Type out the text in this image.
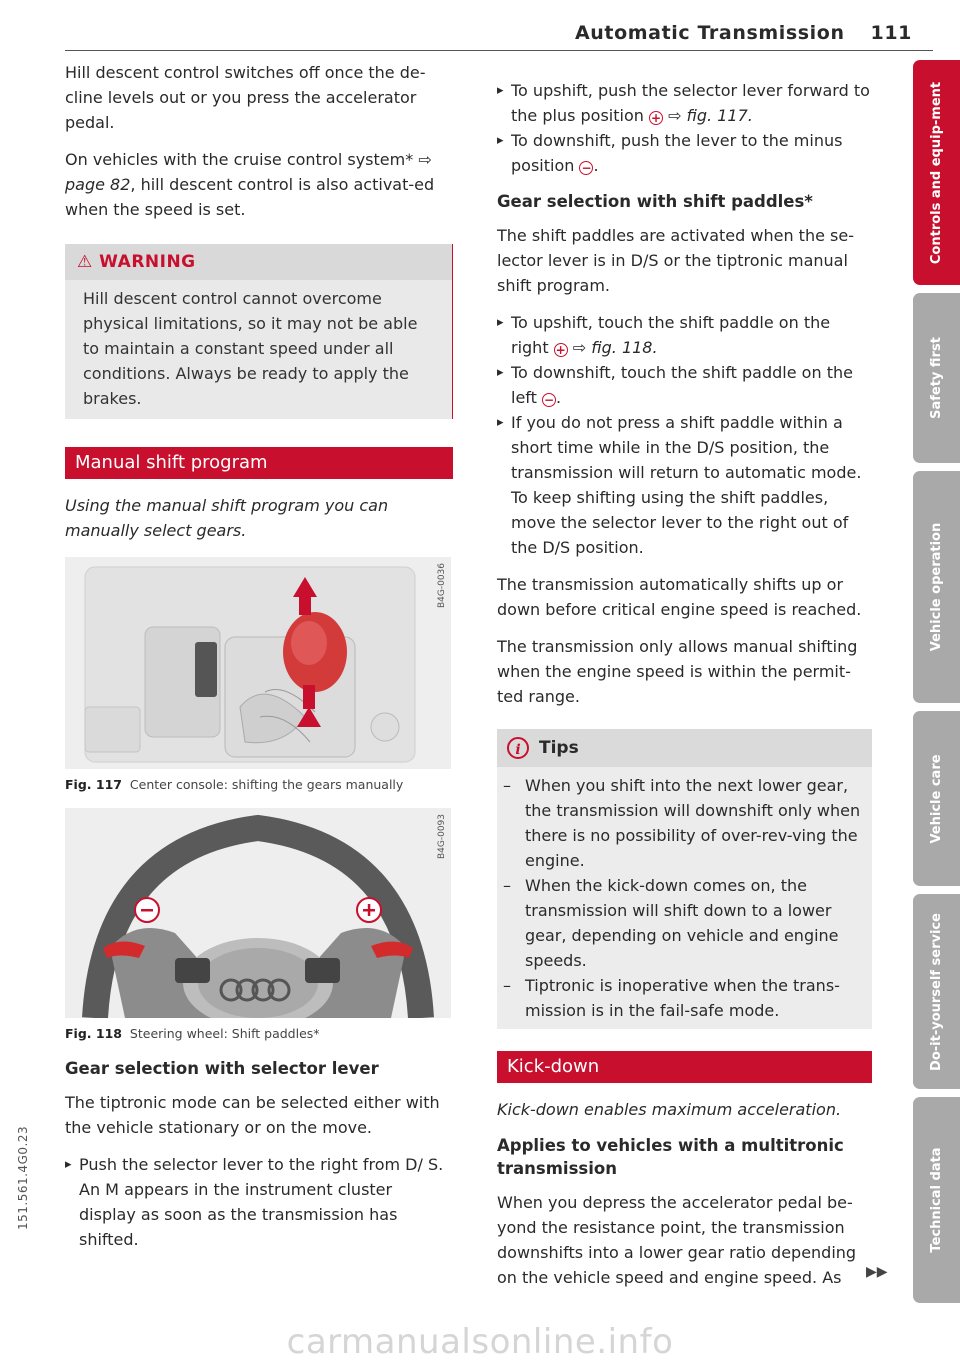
Automatic Transmission 111

Hill descent control switches off once the de-cline levels out or you press the accelerator pedal.

On vehicles with the cruise control system* ⇨ page 82, hill descent control is also activat-ed when the speed is set.

⚠ WARNING
Hill descent control cannot overcome physical limitations, so it may not be able to maintain a constant speed under all conditions. Always be ready to apply the brakes.
Manual shift program

Using the manual shift program you can manually select gears.

B4G-0036
Fig. 117 Center console: shifting the gears manually
B4G-0093
Fig. 118 Steering wheel: Shift paddles*
Gear selection with selector lever

The tiptronic mode can be selected either with the vehicle stationary or on the move.

▸ Push the selector lever to the right from D/ S. An M appears in the instrument cluster display as soon as the transmission has shifted.
▸ To upshift, push the selector lever forward to the plus position + ⇨ fig. 117.
▸ To downshift, push the lever to the minus position − .
Gear selection with shift paddles*

The shift paddles are activated when the se-lector lever is in D/S or the tiptronic manual shift program.

▸ To upshift, touch the shift paddle on the right + ⇨ fig. 118.
▸ To downshift, touch the shift paddle on the left − .
▸ If you do not press a shift paddle within a short time while in the D/S position, the transmission will return to automatic mode. To keep shifting using the shift paddles, move the selector lever to the right out of the D/S position.

The transmission automatically shifts up or down before critical engine speed is reached.

The transmission only allows manual shifting when the engine speed is within the permit-ted range.

i	Tips
– When you shift into the next lower gear, the transmission will downshift only when there is no possibility of over-rev-ving the engine.
– When the kick-down comes on, the transmission will shift down to a lower gear, depending on vehicle and engine speeds.
– Tiptronic is inoperative when the trans-mission is in the fail-safe mode.
Kick-down

Kick-down enables maximum acceleration.

Applies to vehicles with a multitronic transmission

When you depress the accelerator pedal be-yond the resistance point, the transmission downshifts into a lower gear ratio depending on the vehicle speed and engine speed. As	▶▶
Controls and equip-ment
Safety first
Vehicle operation
Vehicle care
Do-it-yourself service
Technical data
151.561.4G0.23
carmanualsonline.info
